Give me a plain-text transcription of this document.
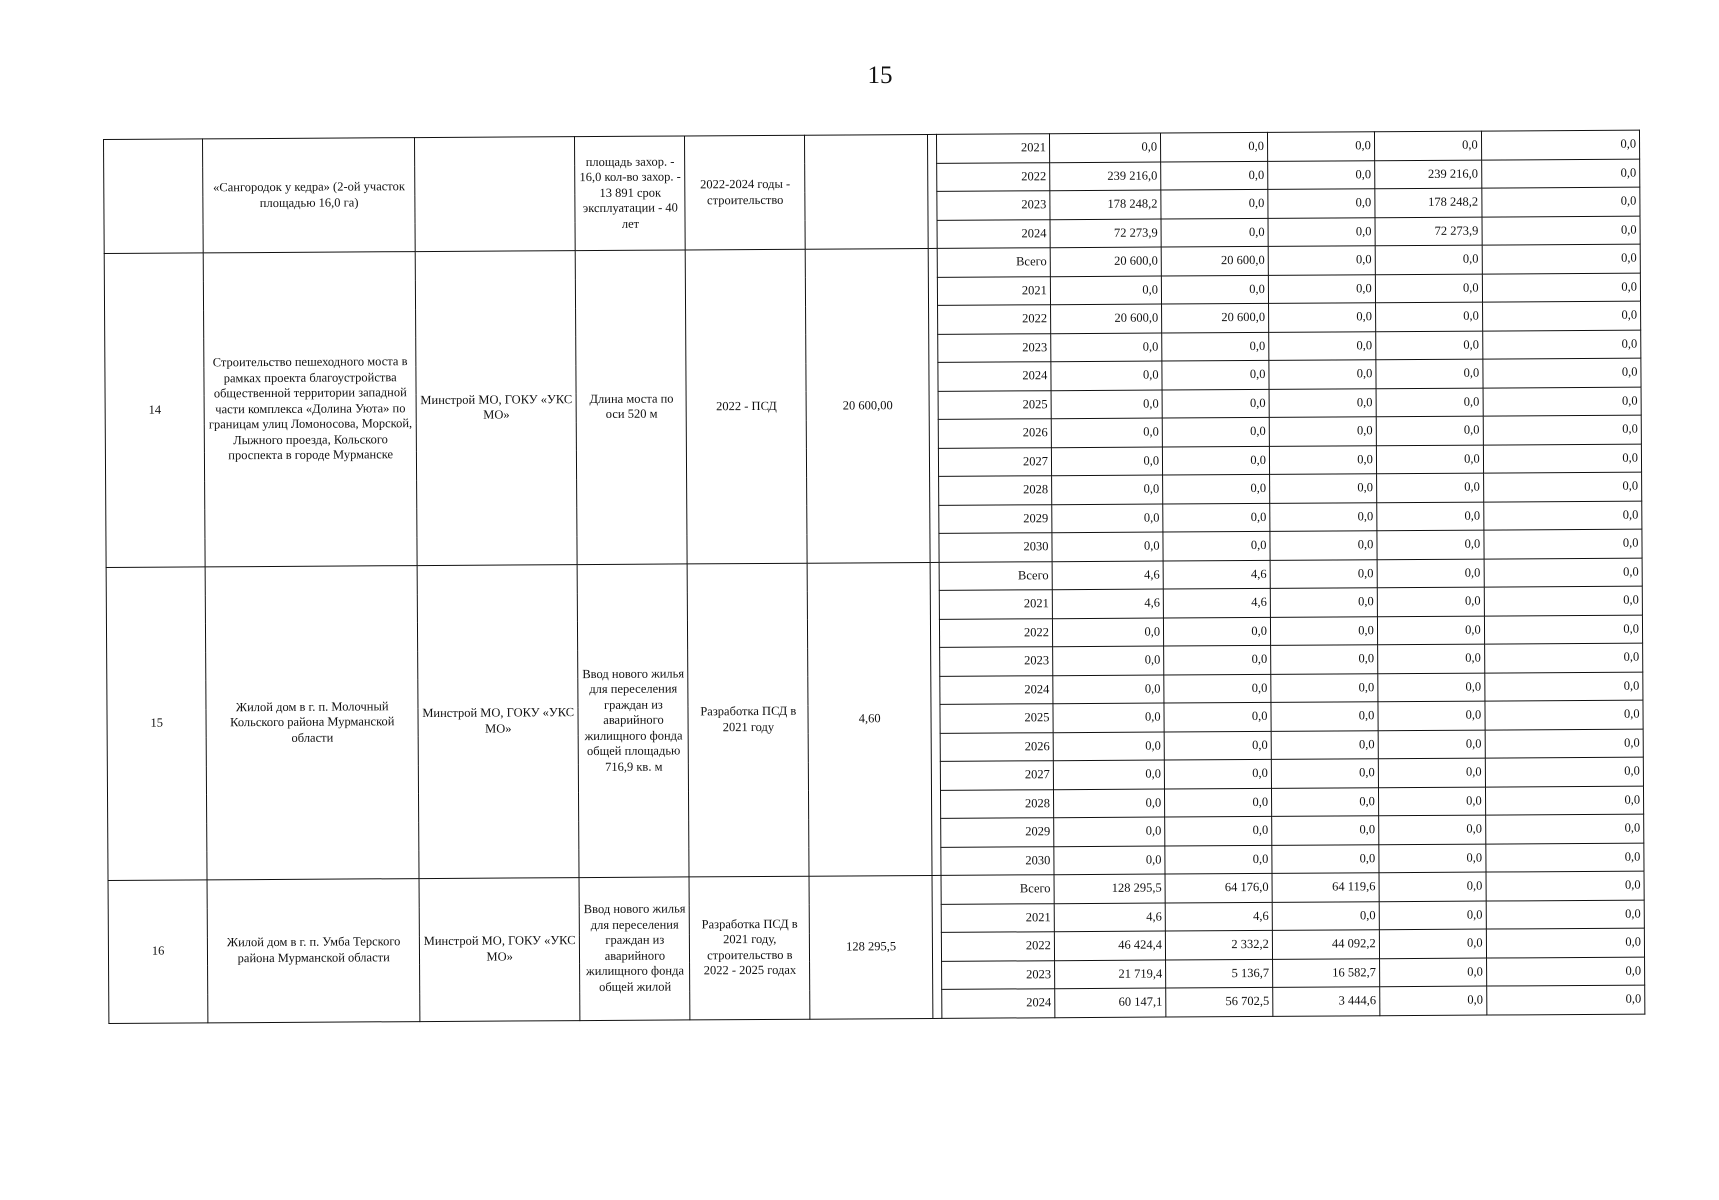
15
	«Сангородок у кедра» (2-ой участок площадью 16,0 га)		площадь захор. - 16,0 кол-во захор. - 13 891 срок эксплуатации - 40 лет	2022-2024 годы - строительство			2021	0,0	0,0	0,0	0,0	0,0
							2022	239 216,0	0,0	0,0	239 216,0	0,0
							2023	178 248,2	0,0	0,0	178 248,2	0,0
							2024	72 273,9	0,0	0,0	72 273,9	0,0
14	Строительство пешеходного моста в рамках проекта благоустройства общественной территории западной части комплекса «Долина Уюта» по границам улиц Ломоносова, Морской, Лыжного проезда, Кольского проспекта в городе Мурманске	Минстрой МО, ГОКУ «УКС МО»	Длина моста по оси 520 м	2022 - ПСД	20 600,00		Всего	20 600,0	20 600,0	0,0	0,0	0,0
							2021	0,0	0,0	0,0	0,0	0,0
							2022	20 600,0	20 600,0	0,0	0,0	0,0
							2023	0,0	0,0	0,0	0,0	0,0
							2024	0,0	0,0	0,0	0,0	0,0
							2025	0,0	0,0	0,0	0,0	0,0
							2026	0,0	0,0	0,0	0,0	0,0
							2027	0,0	0,0	0,0	0,0	0,0
							2028	0,0	0,0	0,0	0,0	0,0
							2029	0,0	0,0	0,0	0,0	0,0
							2030	0,0	0,0	0,0	0,0	0,0
15	Жилой дом в г. п. Молочный Кольского района Мурманской области	Минстрой МО, ГОКУ «УКС МО»	Ввод нового жилья для переселения граждан из аварийного жилищного фонда общей площадью 716,9 кв. м	Разработка ПСД в 2021 году	4,60		Всего	4,6	4,6	0,0	0,0	0,0
							2021	4,6	4,6	0,0	0,0	0,0
							2022	0,0	0,0	0,0	0,0	0,0
							2023	0,0	0,0	0,0	0,0	0,0
							2024	0,0	0,0	0,0	0,0	0,0
							2025	0,0	0,0	0,0	0,0	0,0
							2026	0,0	0,0	0,0	0,0	0,0
							2027	0,0	0,0	0,0	0,0	0,0
							2028	0,0	0,0	0,0	0,0	0,0
							2029	0,0	0,0	0,0	0,0	0,0
							2030	0,0	0,0	0,0	0,0	0,0
16	Жилой дом в г. п. Умба Терского района Мурманской области	Минстрой МО, ГОКУ «УКС МО»	Ввод нового жилья для переселения граждан из аварийного жилищного фонда общей жилой	Разработка ПСД в 2021 году, строительство в 2022 - 2025 годах	128 295,5		Всего	128 295,5	64 176,0	64 119,6	0,0	0,0
							2021	4,6	4,6	0,0	0,0	0,0
							2022	46 424,4	2 332,2	44 092,2	0,0	0,0
							2023	21 719,4	5 136,7	16 582,7	0,0	0,0
							2024	60 147,1	56 702,5	3 444,6	0,0	0,0
